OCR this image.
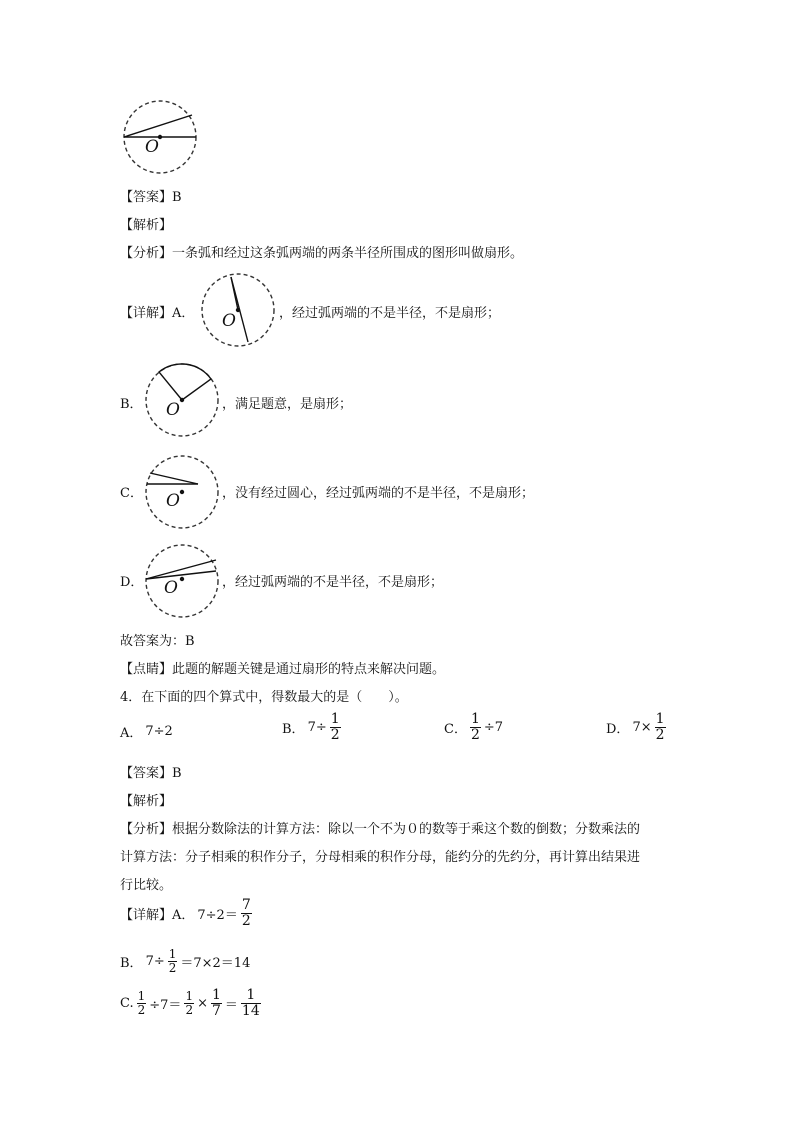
O
【答案】B
【解析】
【分析】一条弧和经过这条弧两端的两条半径所围成的图形叫做扇形。
【详解】A． O	，经过弧两端的不是半径，不是扇形；
B． O	，满足题意，是扇形；
C． O	，没有经过圆心，经过弧两端的不是半径，不是扇形；
D． O	，经过弧两端的不是半径，不是扇形；
故答案为：B
【点睛】此题的解题关键是通过扇形的特点来解决问题。
4．在下面的四个算式中，得数最大的是（　　）。
A． 7÷2	B． $7\div \frac{1}{2}$	C． $\frac{1}{2} \div 7$	D． $7\times \frac{1}{2}$
【答案】B
【解析】
【分析】根据分数除法的计算方法：除以一个不为０的数等于乘这个数的倒数；分数乘法的
计算方法：分子相乘的积作分子，分母相乘的积作分母，能约分的先约分，再计算出结果进
行比较。
【详解】A． $7\div 2= \frac{7}{2}$
B． $7\div \frac{1}{2} =7\times 2=14$
C. $\frac{1}{2} \div 7= \frac{1}{2} \times \frac{1}{7} = \frac{1}{14}$
